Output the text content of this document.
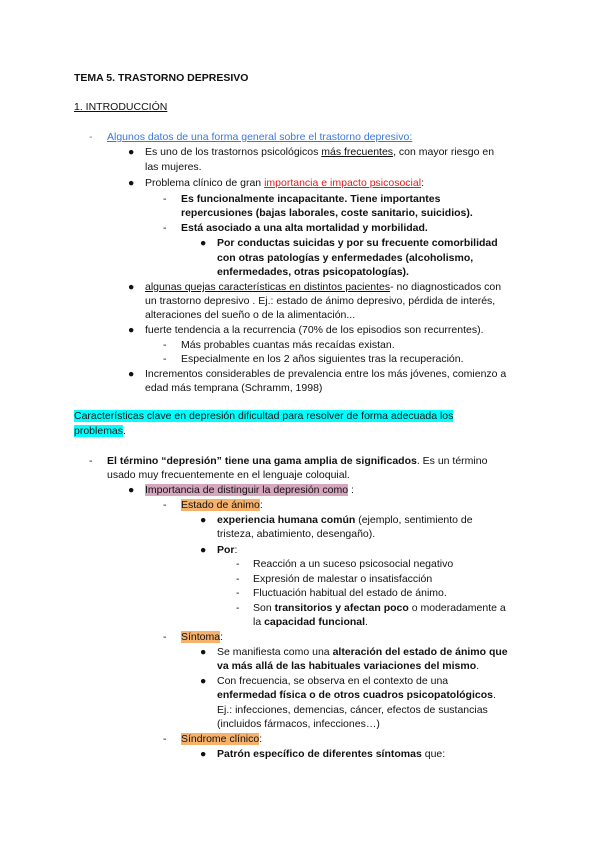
TEMA 5. TRASTORNO DEPRESIVO

1. INTRODUCCIÓN

- Algunos datos de una forma general sobre el trastorno depresivo:

● Es uno de los trastornos psicológicos más frecuentes, con mayor riesgo en

las mujeres.

● Problema clínico de gran importancia e impacto psicosocial:

- Es funcionalmente incapacitante. Tiene importantes

repercusiones (bajas laborales, coste sanitario, suicidios).

- Está asociado a una alta mortalidad y morbilidad.

● Por conductas suicidas y por su frecuente comorbilidad

con otras patologías y enfermedades (alcoholismo,

enfermedades, otras psicopatologías).

● algunas quejas características en distintos pacientes- no diagnosticados con

un trastorno depresivo . Ej.: estado de ánimo depresivo, pérdida de interés,

alteraciones del sueño o de la alimentación...

● fuerte tendencia a la recurrencia (70% de los episodios son recurrentes).

- Más probables cuantas más recaídas existan.

- Especialmente en los 2 años siguientes tras la recuperación.

● Incrementos considerables de prevalencia entre los más jóvenes, comienzo a

edad más temprana (Schramm, 1998)

Características clave en depresión dificultad para resolver de forma adecuada los

problemas.

- El término “depresión” tiene una gama amplia de significados. Es un término

usado muy frecuentemente en el lenguaje coloquial.

● Importancia de distinguir la depresión como :

- Estado de ánimo:

● experiencia humana común (ejemplo, sentimiento de

tristeza, abatimiento, desengaño).

● Por:

- Reacción a un suceso psicosocial negativo

- Expresión de malestar o insatisfacción

- Fluctuación habitual del estado de ánimo.

- Son transitorios y afectan poco o moderadamente a

la capacidad funcional.

- Síntoma:

● Se manifiesta como una alteración del estado de ánimo que

va más allá de las habituales variaciones del mismo.

● Con frecuencia, se observa en el contexto de una

enfermedad física o de otros cuadros psicopatológicos.

Ej.: infecciones, demencias, cáncer, efectos de sustancias

(incluidos fármacos, infecciones…)

- Síndrome clínico:

● Patrón específico de diferentes síntomas que:
